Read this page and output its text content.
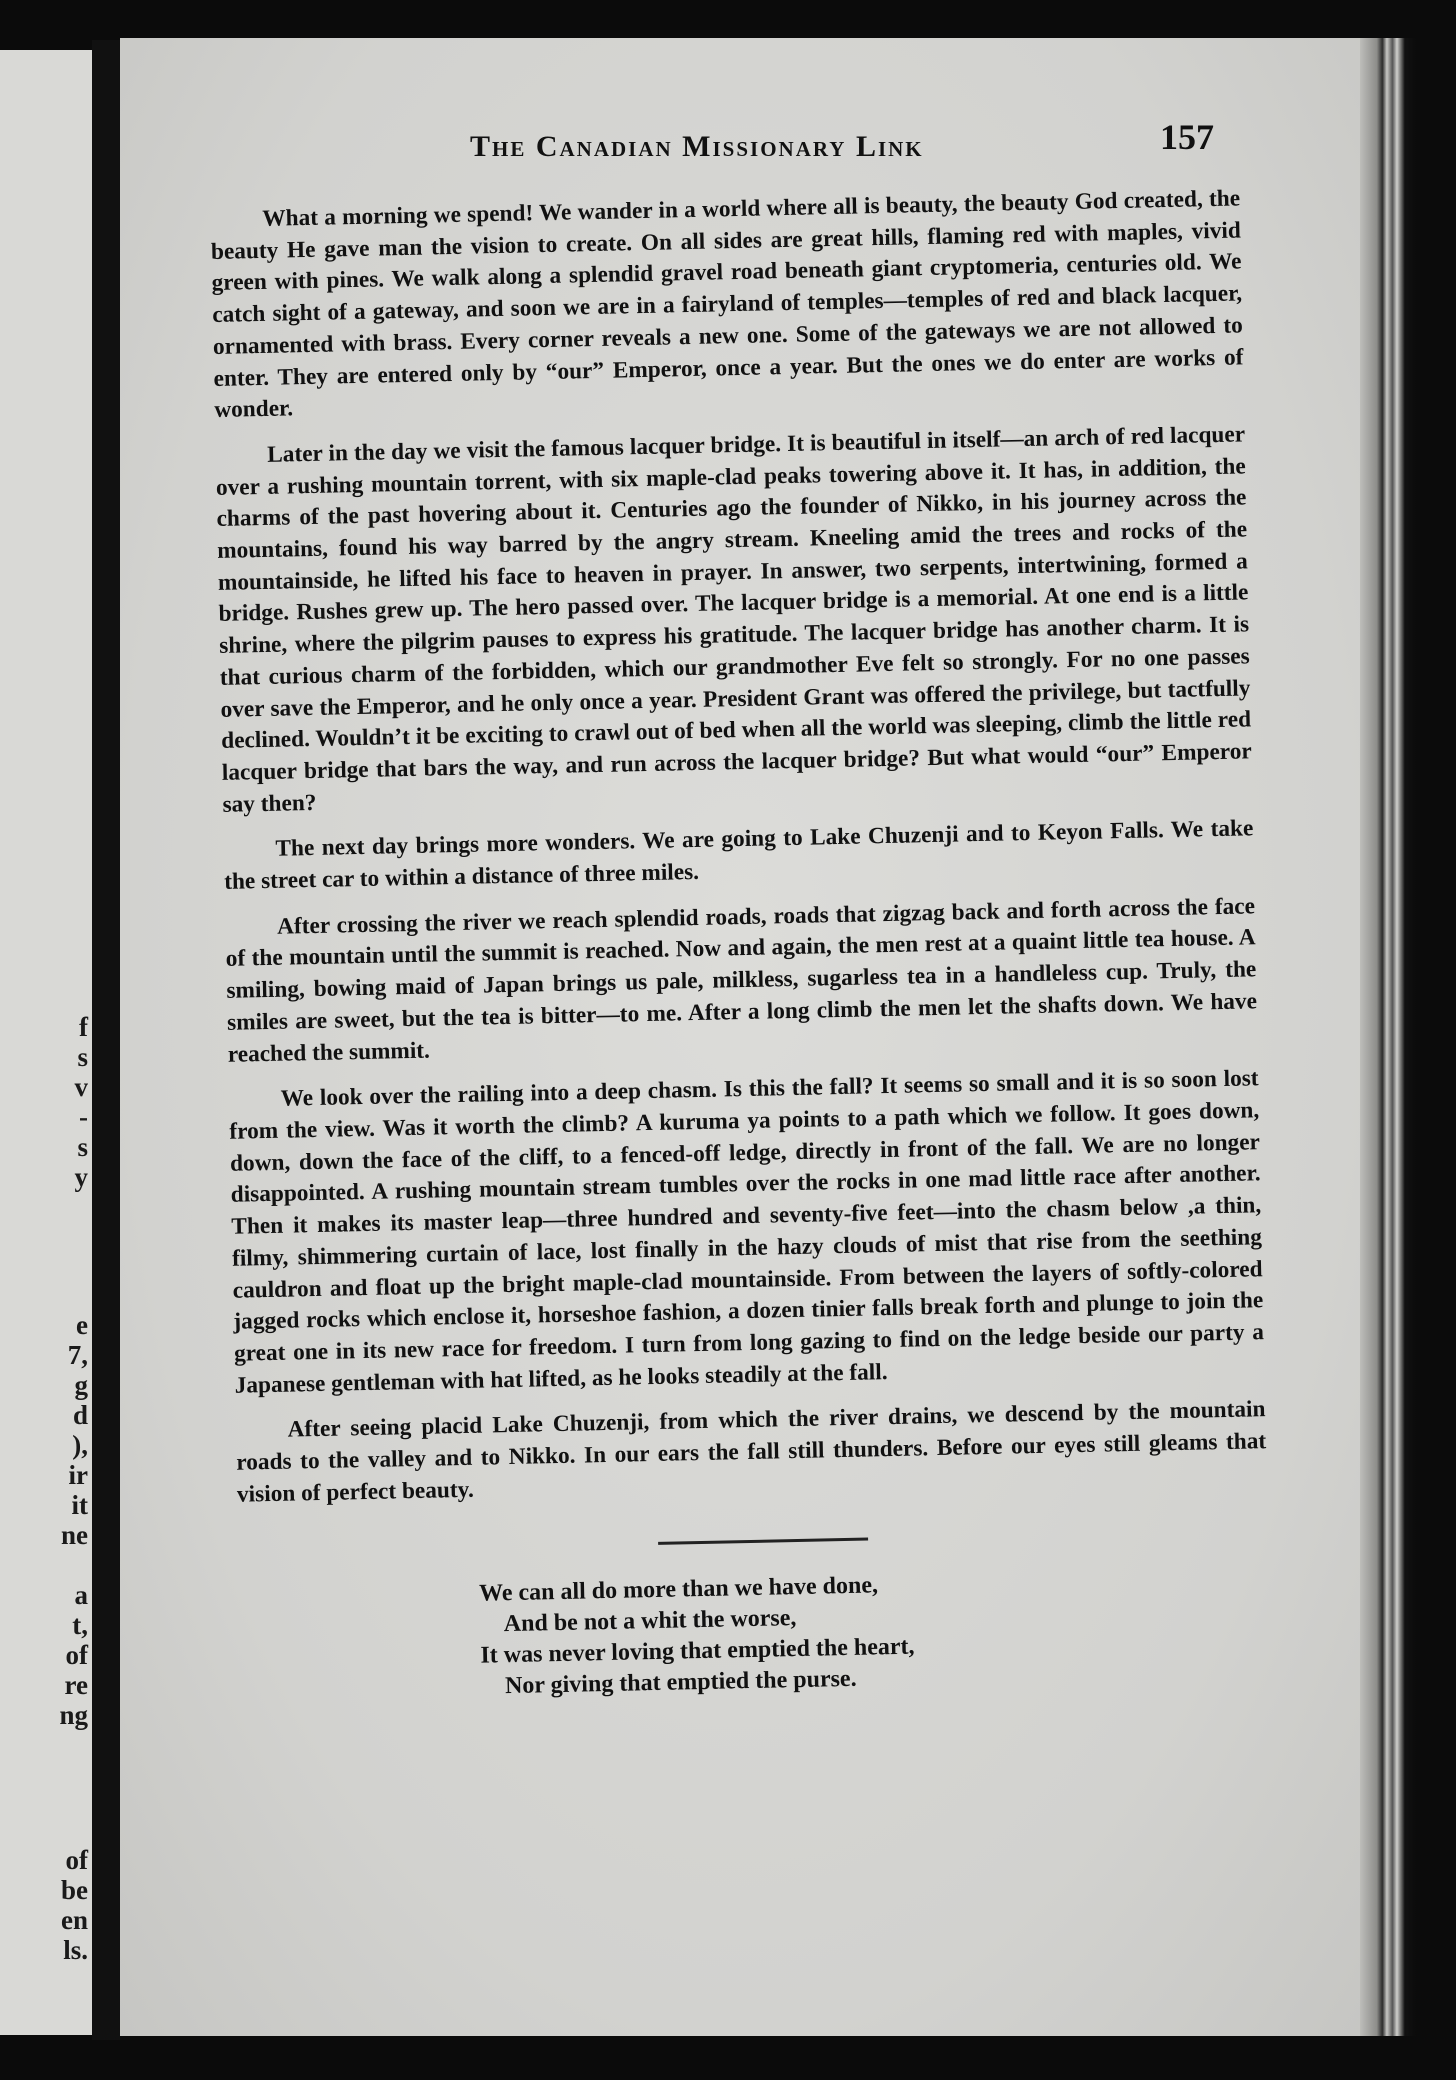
f
s
v
-
s
y
e
7,
g
d
),
ir
it
ne
a
t,
of
re
ng
of
be
en
ls.
The Canadian Missionary Link	157

What a morning we spend! We wander in a world where all is beauty, the beauty God created, the beauty He gave man the vision to create. On all sides are great hills, flaming red with maples, vivid green with pines. We walk along a splendid gravel road beneath giant cryptomeria, centuries old. We catch sight of a gateway, and soon we are in a fairyland of temples—temples of red and black lacquer, ornamented with brass. Every corner reveals a new one. Some of the gateways we are not allowed to enter. They are entered only by “our” Emperor, once a year. But the ones we do enter are works of wonder.

Later in the day we visit the famous lacquer bridge. It is beautiful in itself—an arch of red lacquer over a rushing mountain torrent, with six maple-clad peaks towering above it. It has, in addition, the charms of the past hovering about it. Centuries ago the founder of Nikko, in his journey across the mountains, found his way barred by the angry stream. Kneeling amid the trees and rocks of the mountainside, he lifted his face to heaven in prayer. In answer, two serpents, intertwining, formed a bridge. Rushes grew up. The hero passed over. The lacquer bridge is a memorial. At one end is a little shrine, where the pilgrim pauses to express his gratitude. The lacquer bridge has another charm. It is that curious charm of the forbidden, which our grandmother Eve felt so strongly. For no one passes over save the Emperor, and he only once a year. President Grant was offered the privilege, but tactfully declined. Wouldn’t it be exciting to crawl out of bed when all the world was sleeping, climb the little red lacquer bridge that bars the way, and run across the lacquer bridge? But what would “our” Emperor say then?

The next day brings more wonders. We are going to Lake Chuzenji and to Keyon Falls. We take the street car to within a distance of three miles.

After crossing the river we reach splendid roads, roads that zigzag back and forth across the face of the mountain until the summit is reached. Now and again, the men rest at a quaint little tea house. A smiling, bowing maid of Japan brings us pale, milkless, sugarless tea in a handleless cup. Truly, the smiles are sweet, but the tea is bitter—to me. After a long climb the men let the shafts down. We have reached the summit.

We look over the railing into a deep chasm. Is this the fall? It seems so small and it is so soon lost from the view. Was it worth the climb? A kuruma ya points to a path which we follow. It goes down, down, down the face of the cliff, to a fenced-off ledge, directly in front of the fall. We are no longer disappointed. A rushing mountain stream tumbles over the rocks in one mad little race after another. Then it makes its master leap—three hundred and seventy-five feet—into the chasm below ,a thin, filmy, shimmering curtain of lace, lost finally in the hazy clouds of mist that rise from the seething cauldron and float up the bright maple-clad mountainside. From between the layers of softly-colored jagged rocks which enclose it, horseshoe fashion, a dozen tinier falls break forth and plunge to join the great one in its new race for freedom. I turn from long gazing to find on the ledge beside our party a Japanese gentleman with hat lifted, as he looks steadily at the fall.

After seeing placid Lake Chuzenji, from which the river drains, we descend by the mountain roads to the valley and to Nikko. In our ears the fall still thunders. Before our eyes still gleams that vision of perfect beauty.

We can all do more than we have done,
And be not a whit the worse,
It was never loving that emptied the heart,
Nor giving that emptied the purse.
